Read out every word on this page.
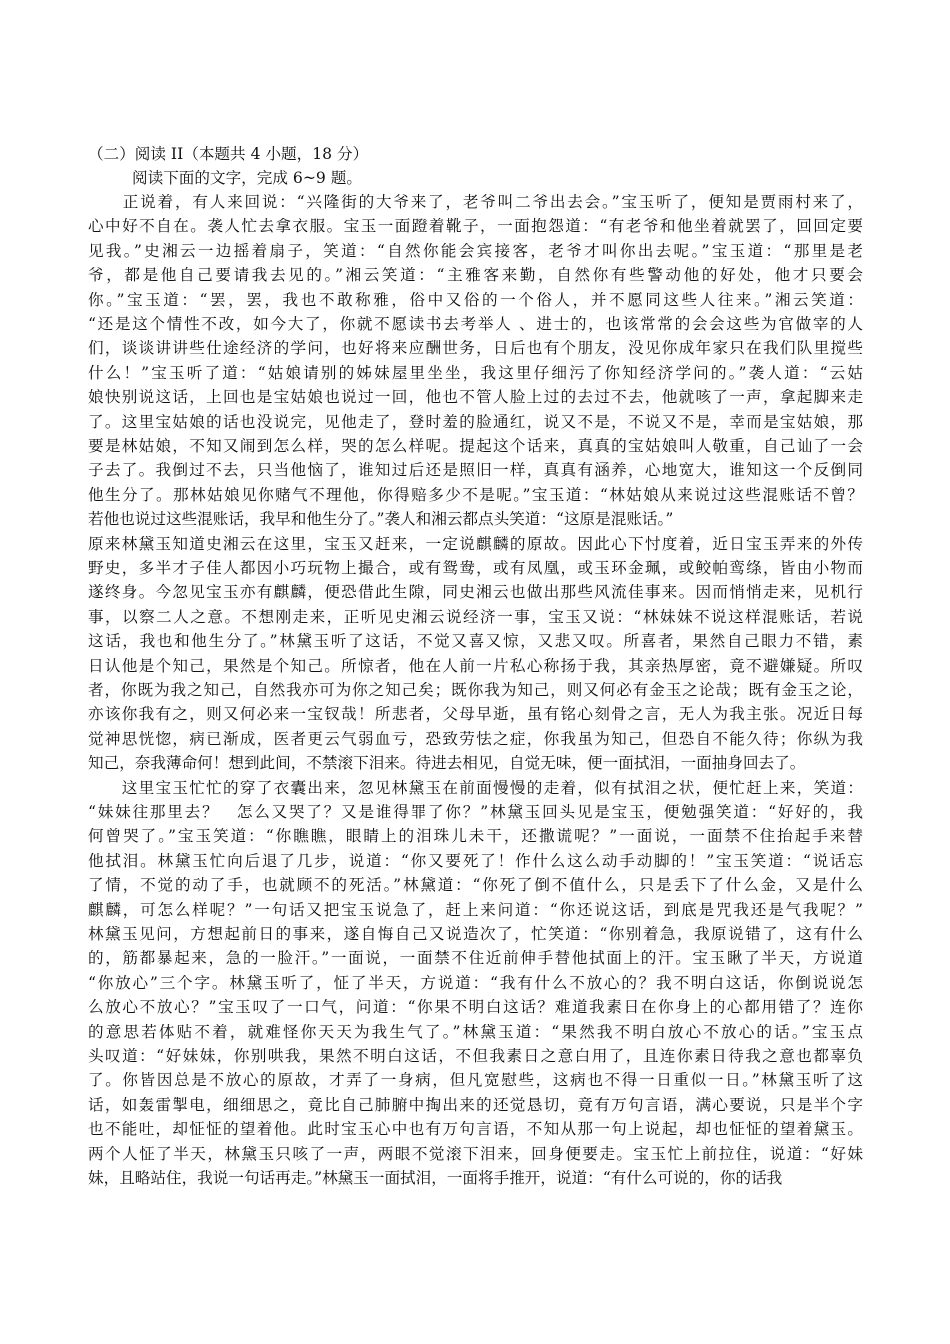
（二）阅读 II（本题共 4 小题，18 分）
阅读下面的文字，完成 6~9 题。
　　正说着，有人来回说：“兴隆街的大爷来了，老爷叫二爷出去会。”宝玉听了，便知是贾雨村来了，
心中好不自在。袭人忙去拿衣服。宝玉一面蹬着靴子，一面抱怨道：“有老爷和他坐着就罢了，回回定要
见我。”史湘云一边摇着扇子，笑道：“自然你能会宾接客，老爷才叫你出去呢。”宝玉道：“那里是老
爷，都是他自己要请我去见的。”湘云笑道：“主雅客来勤，自然你有些警动他的好处，他才只要会
你。”宝玉道：“罢，罢，我也不敢称雅，俗中又俗的一个俗人，并不愿同这些人往来。”湘云笑道：
“还是这个情性不改，如今大了，你就不愿读书去考举人 、进士的，也该常常的会会这些为官做宰的人
们，谈谈讲讲些仕途经济的学问，也好将来应酬世务，日后也有个朋友，没见你成年家只在我们队里搅些
什么！”宝玉听了道：“姑娘请别的姊妹屋里坐坐，我这里仔细污了你知经济学问的。”袭人道：“云姑
娘快别说这话，上回也是宝姑娘也说过一回，他也不管人脸上过的去过不去，他就咳了一声，拿起脚来走
了。这里宝姑娘的话也没说完，见他走了，登时羞的脸通红，说又不是，不说又不是，幸而是宝姑娘，那
要是林姑娘，不知又闹到怎么样，哭的怎么样呢。提起这个话来，真真的宝姑娘叫人敬重，自己讪了一会
子去了。我倒过不去，只当他恼了，谁知过后还是照旧一样，真真有涵养，心地宽大，谁知这一个反倒同
他生分了。那林姑娘见你赌气不理他，你得赔多少不是呢。”宝玉道：“林姑娘从来说过这些混账话不曾？
若他也说过这些混账话，我早和他生分了。”袭人和湘云都点头笑道：“这原是混账话。”
原来林黛玉知道史湘云在这里，宝玉又赶来，一定说麒麟的原故。因此心下忖度着，近日宝玉弄来的外传
野史，多半才子佳人都因小巧玩物上撮合，或有鸳鸯，或有凤凰，或玉环金珮，或鲛帕鸾绦，皆由小物而
遂终身。今忽见宝玉亦有麒麟，便恐借此生隙，同史湘云也做出那些风流佳事来。因而悄悄走来，见机行
事，以察二人之意。不想刚走来，正听见史湘云说经济一事，宝玉又说：“林妹妹不说这样混账话，若说
这话，我也和他生分了。”林黛玉听了这话，不觉又喜又惊，又悲又叹。所喜者，果然自己眼力不错，素
日认他是个知己，果然是个知己。所惊者，他在人前一片私心称扬于我，其亲热厚密，竟不避嫌疑。所叹
者，你既为我之知己，自然我亦可为你之知己矣；既你我为知己，则又何必有金玉之论哉；既有金玉之论，
亦该你我有之，则又何必来一宝钗哉！所悲者，父母早逝，虽有铭心刻骨之言，无人为我主张。况近日每
觉神思恍惚，病已渐成，医者更云气弱血亏，恐致劳怯之症，你我虽为知己，但恐自不能久待；你纵为我
知己，奈我薄命何！想到此间，不禁滚下泪来。待进去相见，自觉无味，便一面拭泪，一面抽身回去了。
　　这里宝玉忙忙的穿了衣囊出来，忽见林黛玉在前面慢慢的走着，似有拭泪之状，便忙赶上来，笑道：
“妹妹往那里去？　怎么又哭了？又是谁得罪了你？”林黛玉回头见是宝玉，便勉强笑道：“好好的，我
何曾哭了。”宝玉笑道：“你瞧瞧，眼睛上的泪珠儿未干，还撒谎呢？”一面说，一面禁不住抬起手来替
他拭泪。林黛玉忙向后退了几步，说道：“你又要死了！作什么这么动手动脚的！”宝玉笑道：“说话忘
了情，不觉的动了手，也就顾不的死活。”林黛道：“你死了倒不值什么，只是丢下了什么金，又是什么
麒麟，可怎么样呢？”一句话又把宝玉说急了，赶上来问道：“你还说这话，到底是咒我还是气我呢？”
林黛玉见问，方想起前日的事来，遂自悔自己又说造次了，忙笑道：“你别着急，我原说错了，这有什么
的，筋都暴起来，急的一脸汗。”一面说，一面禁不住近前伸手替他拭面上的汗。宝玉瞅了半天，方说道
“你放心”三个字。林黛玉听了，怔了半天，方说道：“我有什么不放心的？我不明白这话，你倒说说怎
么放心不放心？”宝玉叹了一口气，问道：“你果不明白这话？难道我素日在你身上的心都用错了？连你
的意思若体贴不着，就难怪你天天为我生气了。”林黛玉道：“果然我不明白放心不放心的话。”宝玉点
头叹道：“好妹妹，你别哄我，果然不明白这话，不但我素日之意白用了，且连你素日待我之意也都辜负
了。你皆因总是不放心的原故，才弄了一身病，但凡宽慰些，这病也不得一日重似一日。”林黛玉听了这
话，如轰雷掣电，细细思之，竟比自己肺腑中掏出来的还觉恳切，竟有万句言语，满心要说，只是半个字
也不能吐，却怔怔的望着他。此时宝玉心中也有万句言语，不知从那一句上说起，却也怔怔的望着黛玉。
两个人怔了半天，林黛玉只咳了一声，两眼不觉滚下泪来，回身便要走。宝玉忙上前拉住，说道：“好妹
妹，且略站住，我说一句话再走。”林黛玉一面拭泪，一面将手推开，说道：“有什么可说的，你的话我
